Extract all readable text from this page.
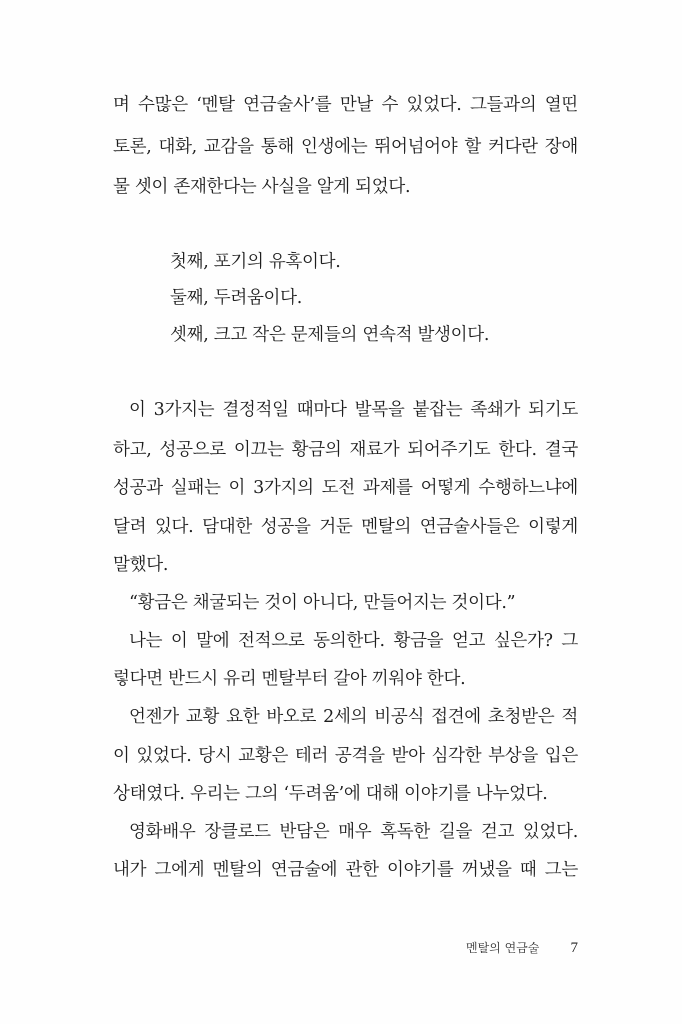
며 수많은 ‘멘탈 연금술사’를 만날 수 있었다. 그들과의 열띤
토론, 대화, 교감을 통해 인생에는 뛰어넘어야 할 커다란 장애
물 셋이 존재한다는 사실을 알게 되었다.
첫째, 포기의 유혹이다.
둘째, 두려움이다.
셋째, 크고 작은 문제들의 연속적 발생이다.
이 3가지는 결정적일 때마다 발목을 붙잡는 족쇄가 되기도
하고, 성공으로 이끄는 황금의 재료가 되어주기도 한다. 결국
성공과 실패는 이 3가지의 도전 과제를 어떻게 수행하느냐에
달려 있다. 담대한 성공을 거둔 멘탈의 연금술사들은 이렇게
말했다.
“황금은 채굴되는 것이 아니다, 만들어지는 것이다.”
나는 이 말에 전적으로 동의한다. 황금을 얻고 싶은가? 그
렇다면 반드시 유리 멘탈부터 갈아 끼워야 한다.
언젠가 교황 요한 바오로 2세의 비공식 접견에 초청받은 적
이 있었다. 당시 교황은 테러 공격을 받아 심각한 부상을 입은
상태였다. 우리는 그의 ‘두려움’에 대해 이야기를 나누었다.
영화배우 장클로드 반담은 매우 혹독한 길을 걷고 있었다.
내가 그에게 멘탈의 연금술에 관한 이야기를 꺼냈을 때 그는
멘탈의 연금술 7
